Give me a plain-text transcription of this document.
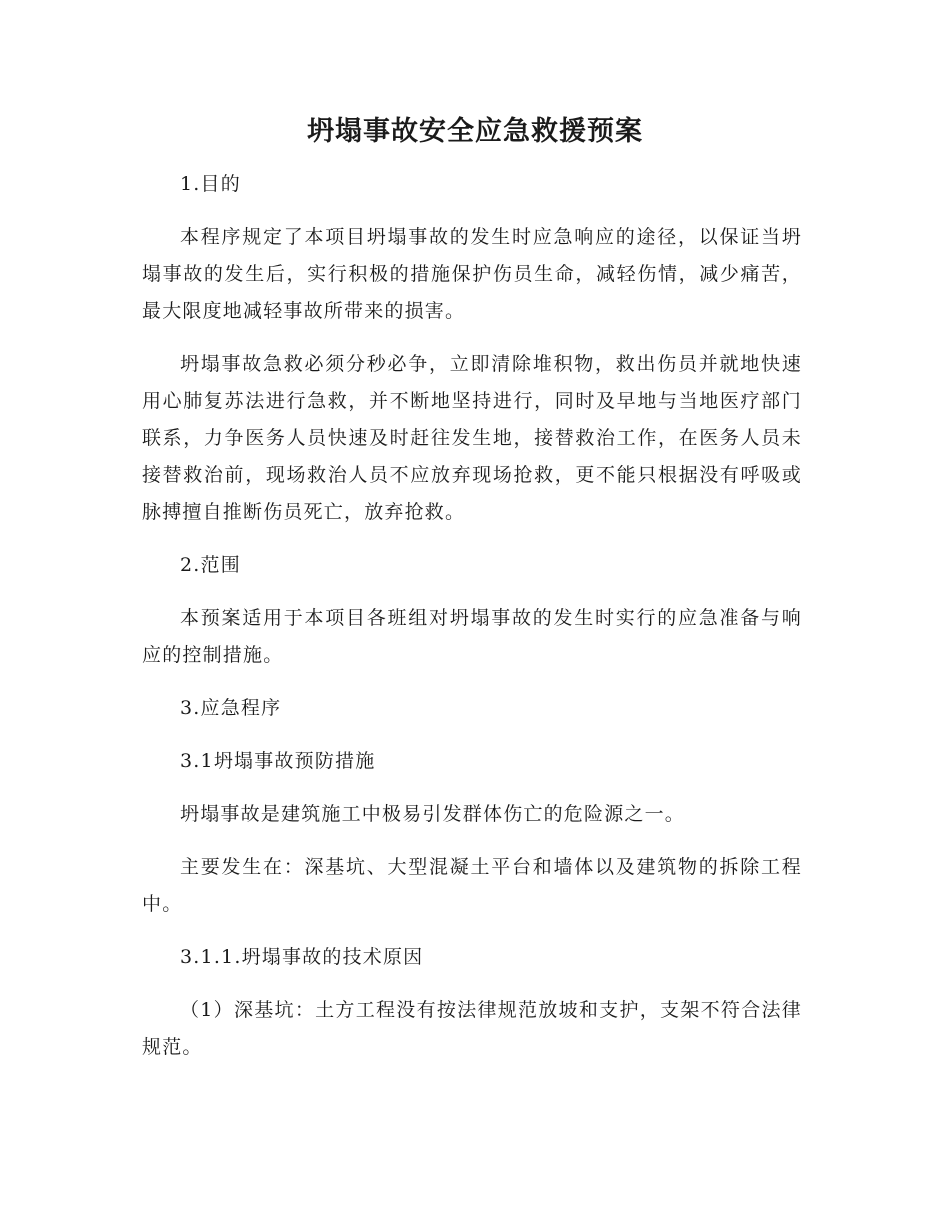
坍塌事故安全应急救援预案

1.目的

本程序规定了本项目坍塌事故的发生时应急响应的途径，以保证当坍塌事故的发生后，实行积极的措施保护伤员生命，减轻伤情，减少痛苦，最大限度地减轻事故所带来的损害。

坍塌事故急救必须分秒必争，立即清除堆积物，救出伤员并就地快速用心肺复苏法进行急救，并不断地坚持进行，同时及早地与当地医疗部门联系，力争医务人员快速及时赶往发生地，接替救治工作，在医务人员未接替救治前，现场救治人员不应放弃现场抢救，更不能只根据没有呼吸或脉搏擅自推断伤员死亡，放弃抢救。

2.范围

本预案适用于本项目各班组对坍塌事故的发生时实行的应急准备与响应的控制措施。

3.应急程序

3.1坍塌事故预防措施

坍塌事故是建筑施工中极易引发群体伤亡的危险源之一。

主要发生在：深基坑、大型混凝土平台和墙体以及建筑物的拆除工程中。

3.1.1.坍塌事故的技术原因

（1）深基坑：土方工程没有按法律规范放坡和支护，支架不符合法律规范。
